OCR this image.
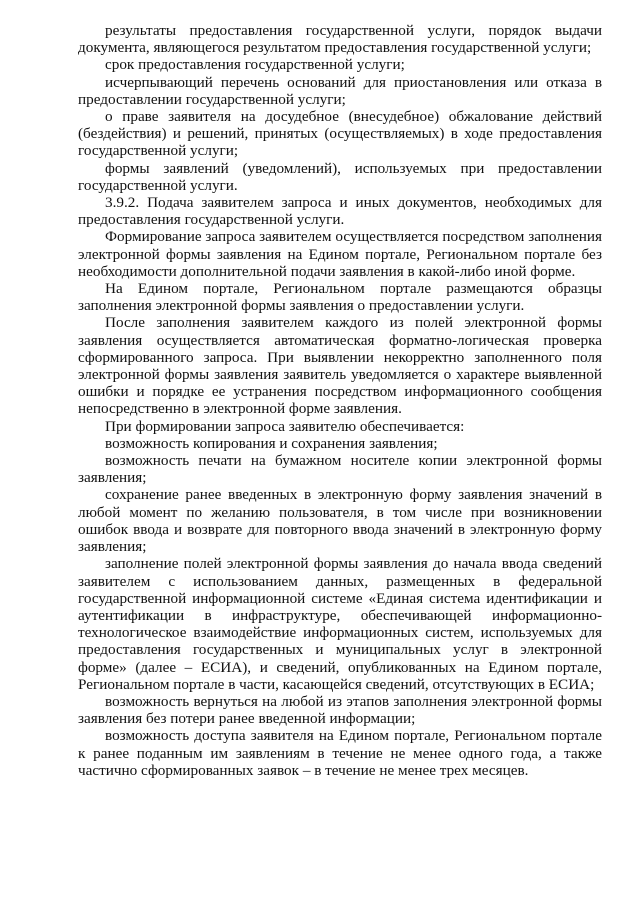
результаты предоставления государственной услуги, порядок выдачи документа, являющегося результатом предоставления государственной услуги;

срок предоставления государственной услуги;

исчерпывающий перечень оснований для приостановления или отказа в предоставлении государственной услуги;

о праве заявителя на досудебное (внесудебное) обжалование действий (бездействия) и решений, принятых (осуществляемых) в ходе предоставления государственной услуги;

формы заявлений (уведомлений), используемых при предоставлении государственной услуги.

3.9.2. Подача заявителем запроса и иных документов, необходимых для предоставления государственной услуги.

Формирование запроса заявителем осуществляется посредством заполнения электронной формы заявления на Едином портале, Региональном портале без необходимости дополнительной подачи заявления в какой-либо иной форме.

На Едином портале, Региональном портале размещаются образцы заполнения электронной формы заявления о предоставлении услуги.

После заполнения заявителем каждого из полей электронной формы заявления осуществляется автоматическая форматно-логическая проверка сформированного запроса. При выявлении некорректно заполненного поля электронной формы заявления заявитель уведомляется о характере выявленной ошибки и порядке ее устранения посредством информационного сообщения непосредственно в электронной форме заявления.

При формировании запроса заявителю обеспечивается:

возможность копирования и сохранения заявления;

возможность печати на бумажном носителе копии электронной формы заявления;

сохранение ранее введенных в электронную форму заявления значений в любой момент по желанию пользователя, в том числе при возникновении ошибок ввода и возврате для повторного ввода значений в электронную форму заявления;

заполнение полей электронной формы заявления до начала ввода сведений заявителем с использованием данных, размещенных в федеральной государственной информационной системе «Единая система идентификации и аутентификации в инфраструктуре, обеспечивающей информационно-технологическое взаимодействие информационных систем, используемых для предоставления государственных и муниципальных услуг в электронной форме» (далее – ЕСИА), и сведений, опубликованных на Едином портале, Региональном портале в части, касающейся сведений, отсутствующих в ЕСИА;

возможность вернуться на любой из этапов заполнения электронной формы заявления без потери ранее введенной информации;

возможность доступа заявителя на Едином портале, Региональном портале к ранее поданным им заявлениям в течение не менее одного года, а также частично сформированных заявок – в течение не менее трех месяцев.
